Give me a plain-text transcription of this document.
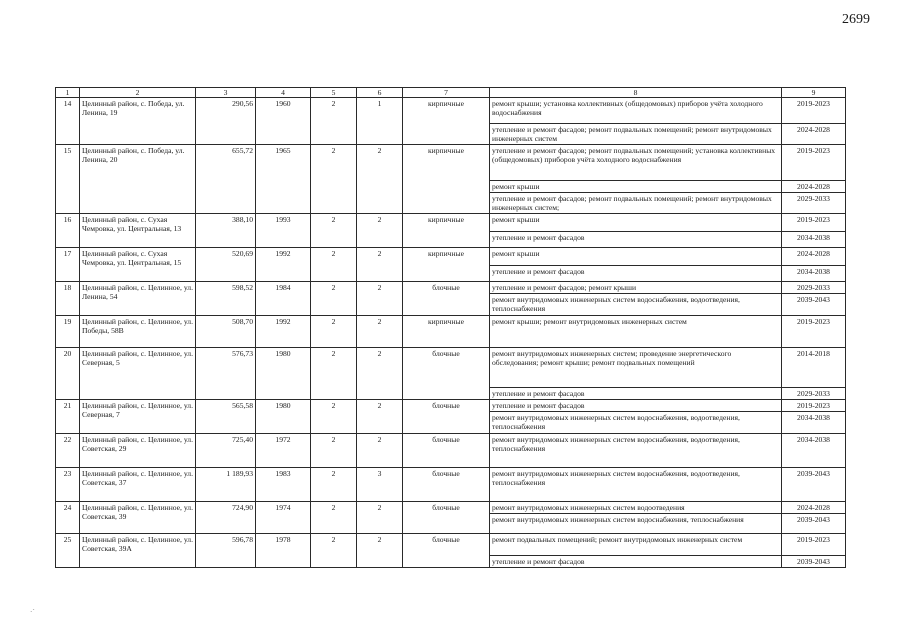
2699
1	2	3	4	5	6	7	8	9
14	Целинный район, с. Победа, ул. Ленина, 19	290,56	1960	2	1	кирпичные	ремонт крыши; установка коллективных (общедомовых) приборов учёта холодного водоснабжения	2019-2023
							утепление и ремонт фасадов; ремонт подвальных помещений; ремонт внутридомовых инженерных систем	2024-2028
15	Целинный район, с. Победа, ул. Ленина, 20	655,72	1965	2	2	кирпичные	утепление и ремонт фасадов; ремонт подвальных помещений; установка коллективных (общедомовых) приборов учёта холодного водоснабжения	2019-2023
							ремонт крыши	2024-2028
							утепление и ремонт фасадов; ремонт подвальных помещений; ремонт внутридомовых инженерных систем;	2029-2033
16	Целинный район, с. Сухая Чемровка, ул. Центральная, 13	388,10	1993	2	2	кирпичные	ремонт крыши	2019-2023
							утепление и ремонт фасадов	2034-2038
17	Целинный район, с. Сухая Чемровка, ул. Центральная, 15	520,69	1992	2	2	кирпичные	ремонт крыши	2024-2028
							утепление и ремонт фасадов	2034-2038
18	Целинный район, с. Целинное, ул. Ленина, 54	598,52	1984	2	2	блочные	утепление и ремонт фасадов; ремонт крыши	2029-2033
							ремонт внутридомовых инженерных систем водоснабжения, водоотведения, теплоснабжения	2039-2043
19	Целинный район, с. Целинное, ул. Победы, 58В	508,70	1992	2	2	кирпичные	ремонт крыши; ремонт внутридомовых инженерных систем	2019-2023
20	Целинный район, с. Целинное, ул. Северная, 5	576,73	1980	2	2	блочные	ремонт внутридомовых инженерных систем; проведение энергетического обследования; ремонт крыши; ремонт подвальных помещений	2014-2018
							утепление и ремонт фасадов	2029-2033
21	Целинный район, с. Целинное, ул. Северная, 7	565,58	1980	2	2	блочные	утепление и ремонт фасадов	2019-2023
							ремонт внутридомовых инженерных систем водоснабжения, водоотведения, теплоснабжения	2034-2038
22	Целинный район, с. Целинное, ул. Советская, 29	725,40	1972	2	2	блочные	ремонт внутридомовых инженерных систем водоснабжения, водоотведения, теплоснабжения	2034-2038
23	Целинный район, с. Целинное, ул. Советская, 37	1 189,93	1983	2	3	блочные	ремонт внутридомовых инженерных систем водоснабжения, водоотведения, теплоснабжения	2039-2043
24	Целинный район, с. Целинное, ул. Советская, 39	724,90	1974	2	2	блочные	ремонт внутридомовых инженерных систем водоотведения	2024-2028
							ремонт внутридомовых инженерных систем водоснабжения, теплоснабжения	2039-2043
25	Целинный район, с. Целинное, ул. Советская, 39А	596,78	1978	2	2	блочные	ремонт подвальных помещений; ремонт внутридомовых инженерных систем	2019-2023
							утепление и ремонт фасадов	2039-2043
·´
